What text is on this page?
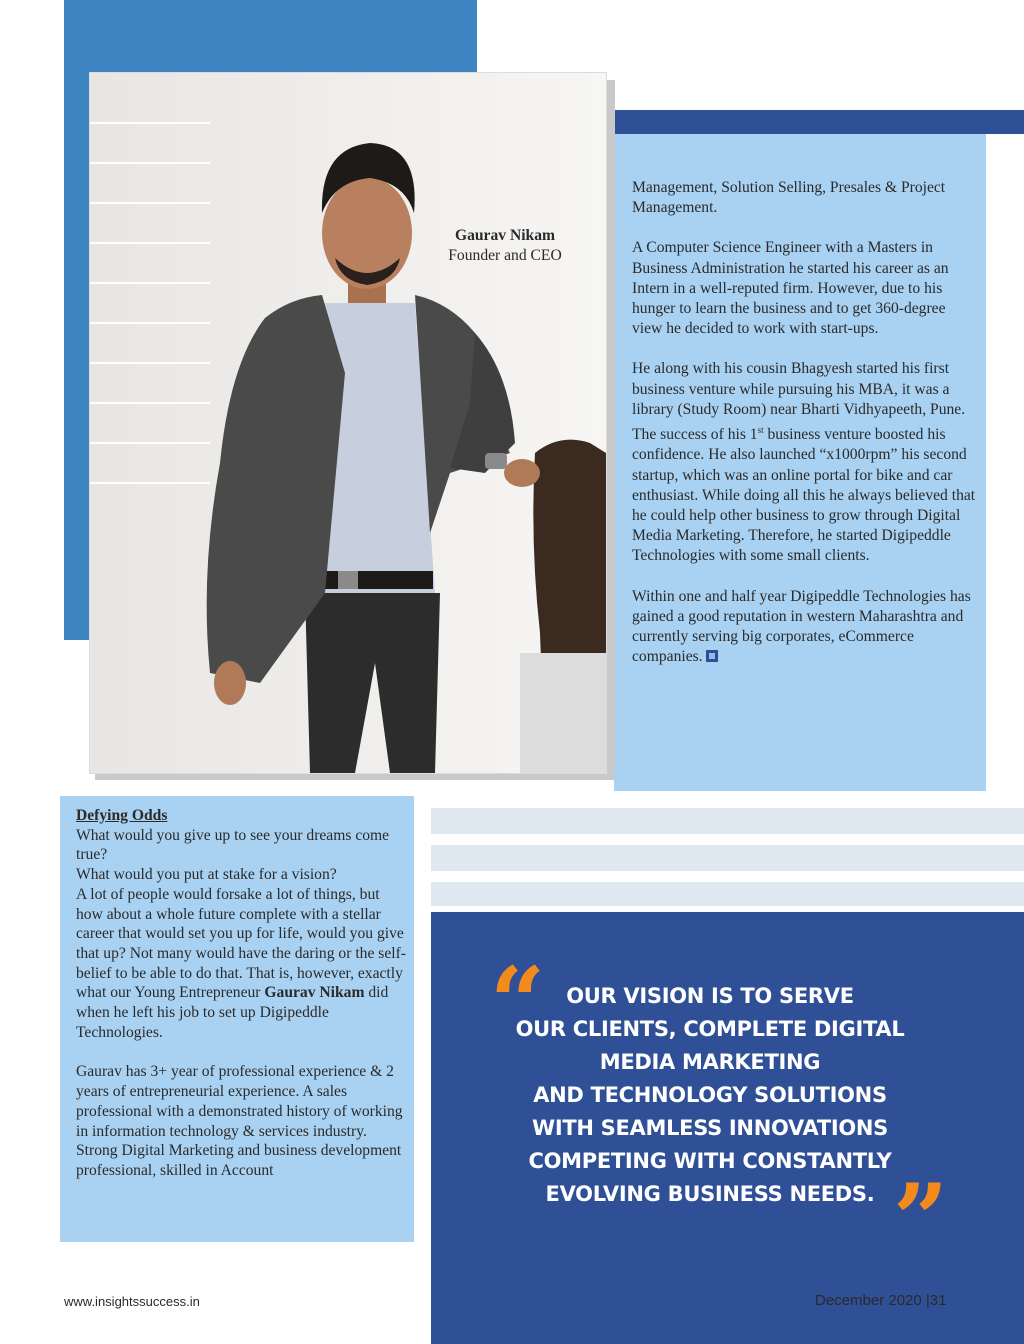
Gaurav Nikam
Founder and CEO

Management, Solution Selling, Presales & Project Management.

A Computer Science Engineer with a Masters in Business Administration he started his career as an Intern in a well-reputed firm. However, due to his hunger to learn the business and to get 360-degree view he decided to work with start-ups.

He along with his cousin Bhagyesh started his first business venture while pursuing his MBA, it was a library (Study Room) near Bharti Vidhyapeeth, Pune. The success of his 1st business venture boosted his confidence. He also launched “x1000rpm” his second startup, which was an online portal for bike and car enthusiast. While doing all this he always believed that he could help other business to grow through Digital Media Marketing. Therefore, he started Digipeddle Technologies with some small clients.

Within one and half year Digipeddle Technologies has gained a good reputation in western Maharashtra and currently serving big corporates, eCommerce companies.

Defying Odds

What would you give up to see your dreams come true?
What would you put at stake for a vision?
A lot of people would forsake a lot of things, but how about a whole future complete with a stellar career that would set you up for life, would you give that up? Not many would have the daring or the self-belief to be able to do that. That is, however, exactly what our Young Entrepreneur Gaurav Nikam did when he left his job to set up Digipeddle Technologies.

Gaurav has 3+ year of professional experience & 2 years of entrepreneurial experience. A sales professional with a demonstrated history of working in information technology & services industry. Strong Digital Marketing and business development professional, skilled in Account

“	OUR VISION IS TO SERVE
OUR CLIENTS, COMPLETE DIGITAL
MEDIA MARKETING
AND TECHNOLOGY SOLUTIONS
WITH SEAMLESS INNOVATIONS
COMPETING WITH CONSTANTLY
EVOLVING BUSINESS NEEDS. ”
www.insightssuccess.in	December 2020 |31
